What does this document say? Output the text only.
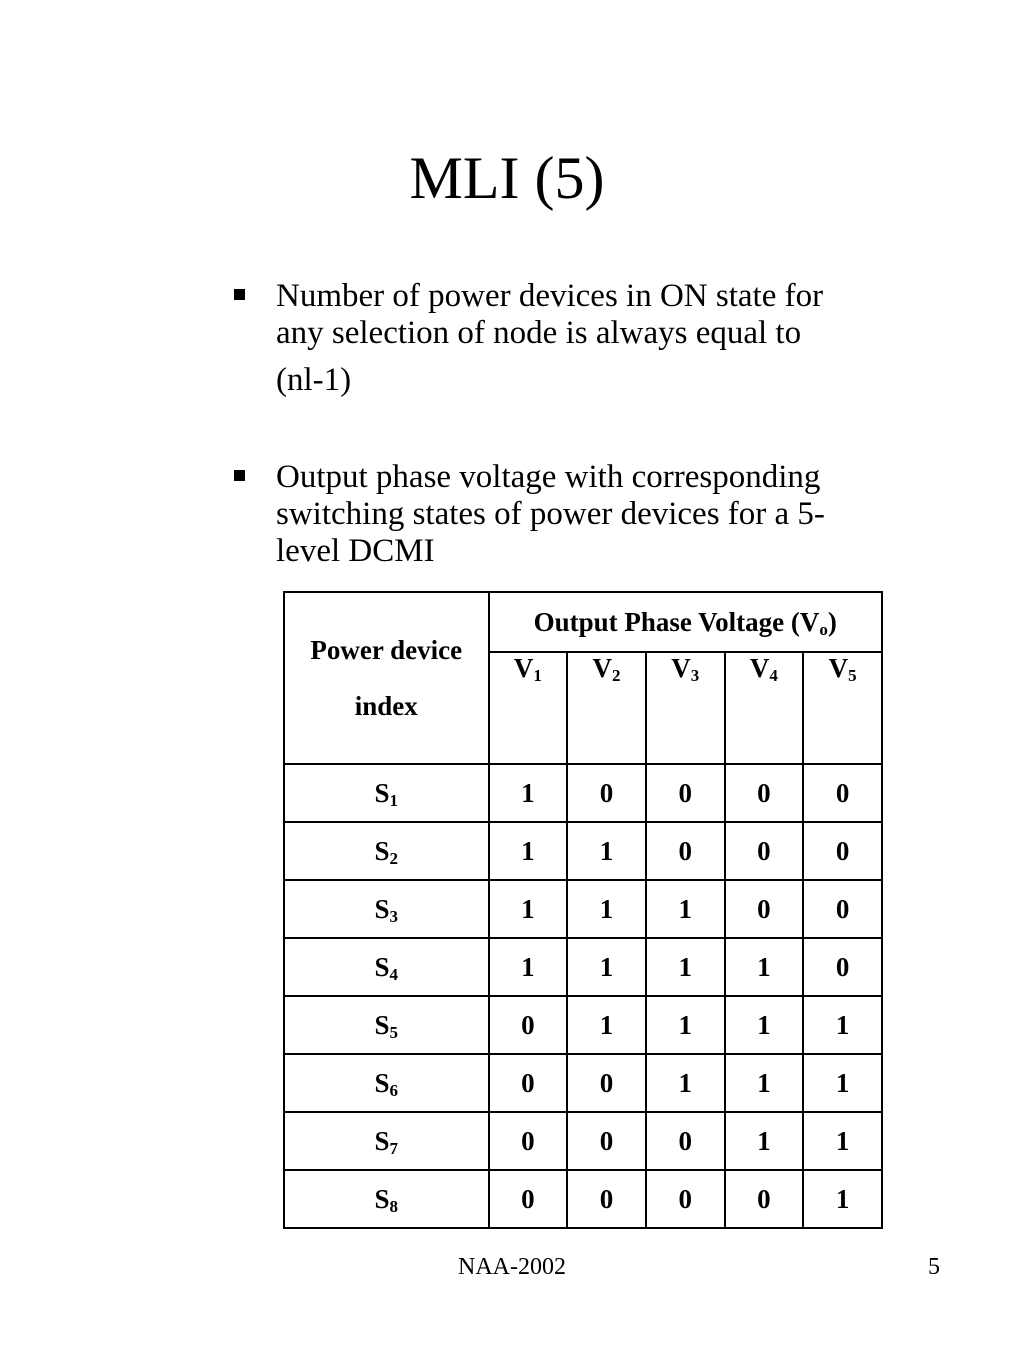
MLI (5)
Number of power devices in ON state for
any selection of node is always equal to
(nl-1)
Output phase voltage with corresponding
switching states of power devices for a 5-
level DCMI
Power device
index	Output Phase Voltage $(V_o)$				
	$V_1$	$V_2$	$V_3$	$V_4$	$V_5$
$S_1$	1	0	0	0	0
$S_2$	1	1	0	0	0
$S_3$	1	1	1	0	0
$S_4$	1	1	1	1	0
$S_5$	0	1	1	1	1
$S_6$	0	0	1	1	1
$S_7$	0	0	0	1	1
$S_8$	0	0	0	0	1
NAA-2002	5
